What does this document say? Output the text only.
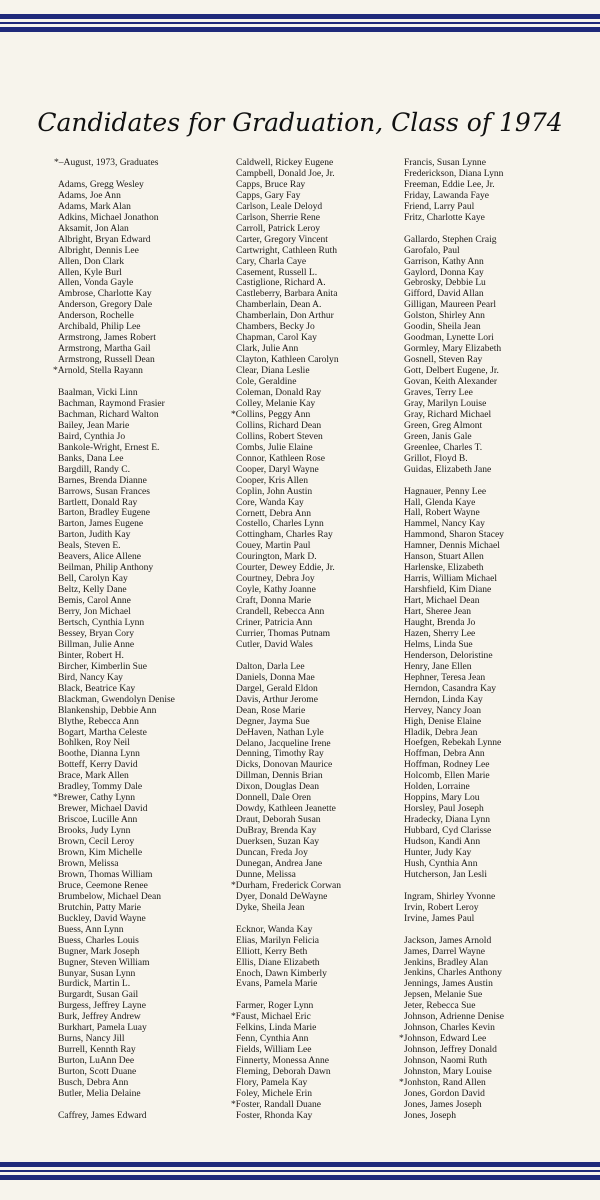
Candidates for Graduation, Class of 1974
*–August, 1973, Graduates
Adams, Gregg Wesley
Adams, Joe Ann
Adams, Mark Alan
Adkins, Michael Jonathon
Aksamit, Jon Alan
Albright, Bryan Edward
Albright, Dennis Lee
Allen, Don Clark
Allen, Kyle Burl
Allen, Vonda Gayle
Ambrose, Charlotte Kay
Anderson, Gregory Dale
Anderson, Rochelle
Archibald, Philip Lee
Armstrong, James Robert
Armstrong, Martha Gail
Armstrong, Russell Dean
*Arnold, Stella Rayann
Baalman, Vicki Linn
Bachman, Raymond Frasier
Bachman, Richard Walton
Bailey, Jean Marie
Baird, Cynthia Jo
Bankole-Wright, Ernest E.
Banks, Dana Lee
Bargdill, Randy C.
Barnes, Brenda Dianne
Barrows, Susan Frances
Bartlett, Donald Ray
Barton, Bradley Eugene
Barton, James Eugene
Barton, Judith Kay
Beals, Steven E.
Beavers, Alice Allene
Beilman, Philip Anthony
Bell, Carolyn Kay
Beltz, Kelly Dane
Bemis, Carol Anne
Berry, Jon Michael
Bertsch, Cynthia Lynn
Bessey, Bryan Cory
Billman, Julie Anne
Binter, Robert H.
Bircher, Kimberlin Sue
Bird, Nancy Kay
Black, Beatrice Kay
Blackman, Gwendolyn Denise
Blankenship, Debbie Ann
Blythe, Rebecca Ann
Bogart, Martha Celeste
Bohlken, Roy Neil
Boothe, Dianna Lynn
Botteff, Kerry David
Brace, Mark Allen
Bradley, Tommy Dale
*Brewer, Cathy Lynn
Brewer, Michael David
Briscoe, Lucille Ann
Brooks, Judy Lynn
Brown, Cecil Leroy
Brown, Kim Michelle
Brown, Melissa
Brown, Thomas William
Bruce, Ceemone Renee
Brumbelow, Michael Dean
Brutchin, Patty Marie
Buckley, David Wayne
Buess, Ann Lynn
Buess, Charles Louis
Bugner, Mark Joseph
Bugner, Steven William
Bunyar, Susan Lynn
Burdick, Martin L.
Burgardt, Susan Gail
Burgess, Jeffrey Layne
Burk, Jeffrey Andrew
Burkhart, Pamela Luay
Burns, Nancy Jill
Burrell, Kennth Ray
Burton, LuAnn Dee
Burton, Scott Duane
Busch, Debra Ann
Butler, Melia Delaine
Caffrey, James Edward
Caldwell, Rickey Eugene
Campbell, Donald Joe, Jr.
Capps, Bruce Ray
Capps, Gary Fay
Carlson, Leale Deloyd
Carlson, Sherrie Rene
Carroll, Patrick Leroy
Carter, Gregory Vincent
Cartwright, Cathleen Ruth
Cary, Charla Caye
Casement, Russell L.
Castiglione, Richard A.
Castleberry, Barbara Anita
Chamberlain, Dean A.
Chamberlain, Don Arthur
Chambers, Becky Jo
Chapman, Carol Kay
Clark, Julie Ann
Clayton, Kathleen Carolyn
Clear, Diana Leslie
Cole, Geraldine
Coleman, Donald Ray
Colley, Melanie Kay
*Collins, Peggy Ann
Collins, Richard Dean
Collins, Robert Steven
Combs, Julie Elaine
Connor, Kathleen Rose
Cooper, Daryl Wayne
Cooper, Kris Allen
Coplin, John Austin
Core, Wanda Kay
Cornett, Debra Ann
Costello, Charles Lynn
Cottingham, Charles Ray
Couey, Martin Paul
Courington, Mark D.
Courter, Dewey Eddie, Jr.
Courtney, Debra Joy
Coyle, Kathy Joanne
Craft, Donna Marie
Crandell, Rebecca Ann
Criner, Patricia Ann
Currier, Thomas Putnam
Cutler, David Wales
Dalton, Darla Lee
Daniels, Donna Mae
Dargel, Gerald Eldon
Davis, Arthur Jerome
Dean, Rose Marie
Degner, Jayma Sue
DeHaven, Nathan Lyle
Delano, Jacqueline Irene
Denning, Timothy Ray
Dicks, Donovan Maurice
Dillman, Dennis Brian
Dixon, Douglas Dean
Donnell, Dale Oren
Dowdy, Kathleen Jeanette
Draut, Deborah Susan
DuBray, Brenda Kay
Duerksen, Suzan Kay
Duncan, Freda Joy
Dunegan, Andrea Jane
Dunne, Melissa
*Durham, Frederick Corwan
Dyer, Donald DeWayne
Dyke, Sheila Jean
Ecknor, Wanda Kay
Elias, Marilyn Felicia
Elliott, Kerry Beth
Ellis, Diane Elizabeth
Enoch, Dawn Kimberly
Evans, Pamela Marie
Farmer, Roger Lynn
*Faust, Michael Eric
Felkins, Linda Marie
Fenn, Cynthia Ann
Fields, William Lee
Finnerty, Monessa Anne
Fleming, Deborah Dawn
Flory, Pamela Kay
Foley, Michele Erin
*Foster, Randall Duane
Foster, Rhonda Kay
Francis, Susan Lynne
Frederickson, Diana Lynn
Freeman, Eddie Lee, Jr.
Friday, Lawanda Faye
Friend, Larry Paul
Fritz, Charlotte Kaye
Gallardo, Stephen Craig
Garofalo, Paul
Garrison, Kathy Ann
Gaylord, Donna Kay
Gebrosky, Debbie Lu
Gifford, David Allan
Gilligan, Maureen Pearl
Golston, Shirley Ann
Goodin, Sheila Jean
Goodman, Lynette Lori
Gormley, Mary Elizabeth
Gosnell, Steven Ray
Gott, Delbert Eugene, Jr.
Govan, Keith Alexander
Graves, Terry Lee
Gray, Marilyn Louise
Gray, Richard Michael
Green, Greg Almont
Green, Janis Gale
Greenlee, Charles T.
Grillot, Floyd B.
Guidas, Elizabeth Jane
Hagnauer, Penny Lee
Hall, Glenda Kaye
Hall, Robert Wayne
Hammel, Nancy Kay
Hammond, Sharon Stacey
Hamner, Dennis Michael
Hanson, Stuart Allen
Harlenske, Elizabeth
Harris, William Michael
Harshfield, Kim Diane
Hart, Michael Dean
Hart, Sheree Jean
Haught, Brenda Jo
Hazen, Sherry Lee
Helms, Linda Sue
Henderson, Deloristine
Henry, Jane Ellen
Hephner, Teresa Jean
Herndon, Casandra Kay
Herndon, Linda Kay
Hervey, Nancy Joan
High, Denise Elaine
Hladik, Debra Jean
Hoefgen, Rebekah Lynne
Hoffman, Debra Ann
Hoffman, Rodney Lee
Holcomb, Ellen Marie
Holden, Lorraine
Hoppins, Mary Lou
Horsley, Paul Joseph
Hradecky, Diana Lynn
Hubbard, Cyd Clarisse
Hudson, Kandi Ann
Hunter, Judy Kay
Hush, Cynthia Ann
Hutcherson, Jan Lesli
Ingram, Shirley Yvonne
Irvin, Robert Leroy
Irvine, James Paul
Jackson, James Arnold
James, Darrel Wayne
Jenkins, Bradley Alan
Jenkins, Charles Anthony
Jennings, James Austin
Jepsen, Melanie Sue
Jeter, Rebecca Sue
Johnson, Adrienne Denise
Johnson, Charles Kevin
*Johnson, Edward Lee
Johnson, Jeffrey Donald
Johnson, Naomi Ruth
Johnston, Mary Louise
*Jonhston, Rand Allen
Jones, Gordon David
Jones, James Joseph
Jones, Joseph
